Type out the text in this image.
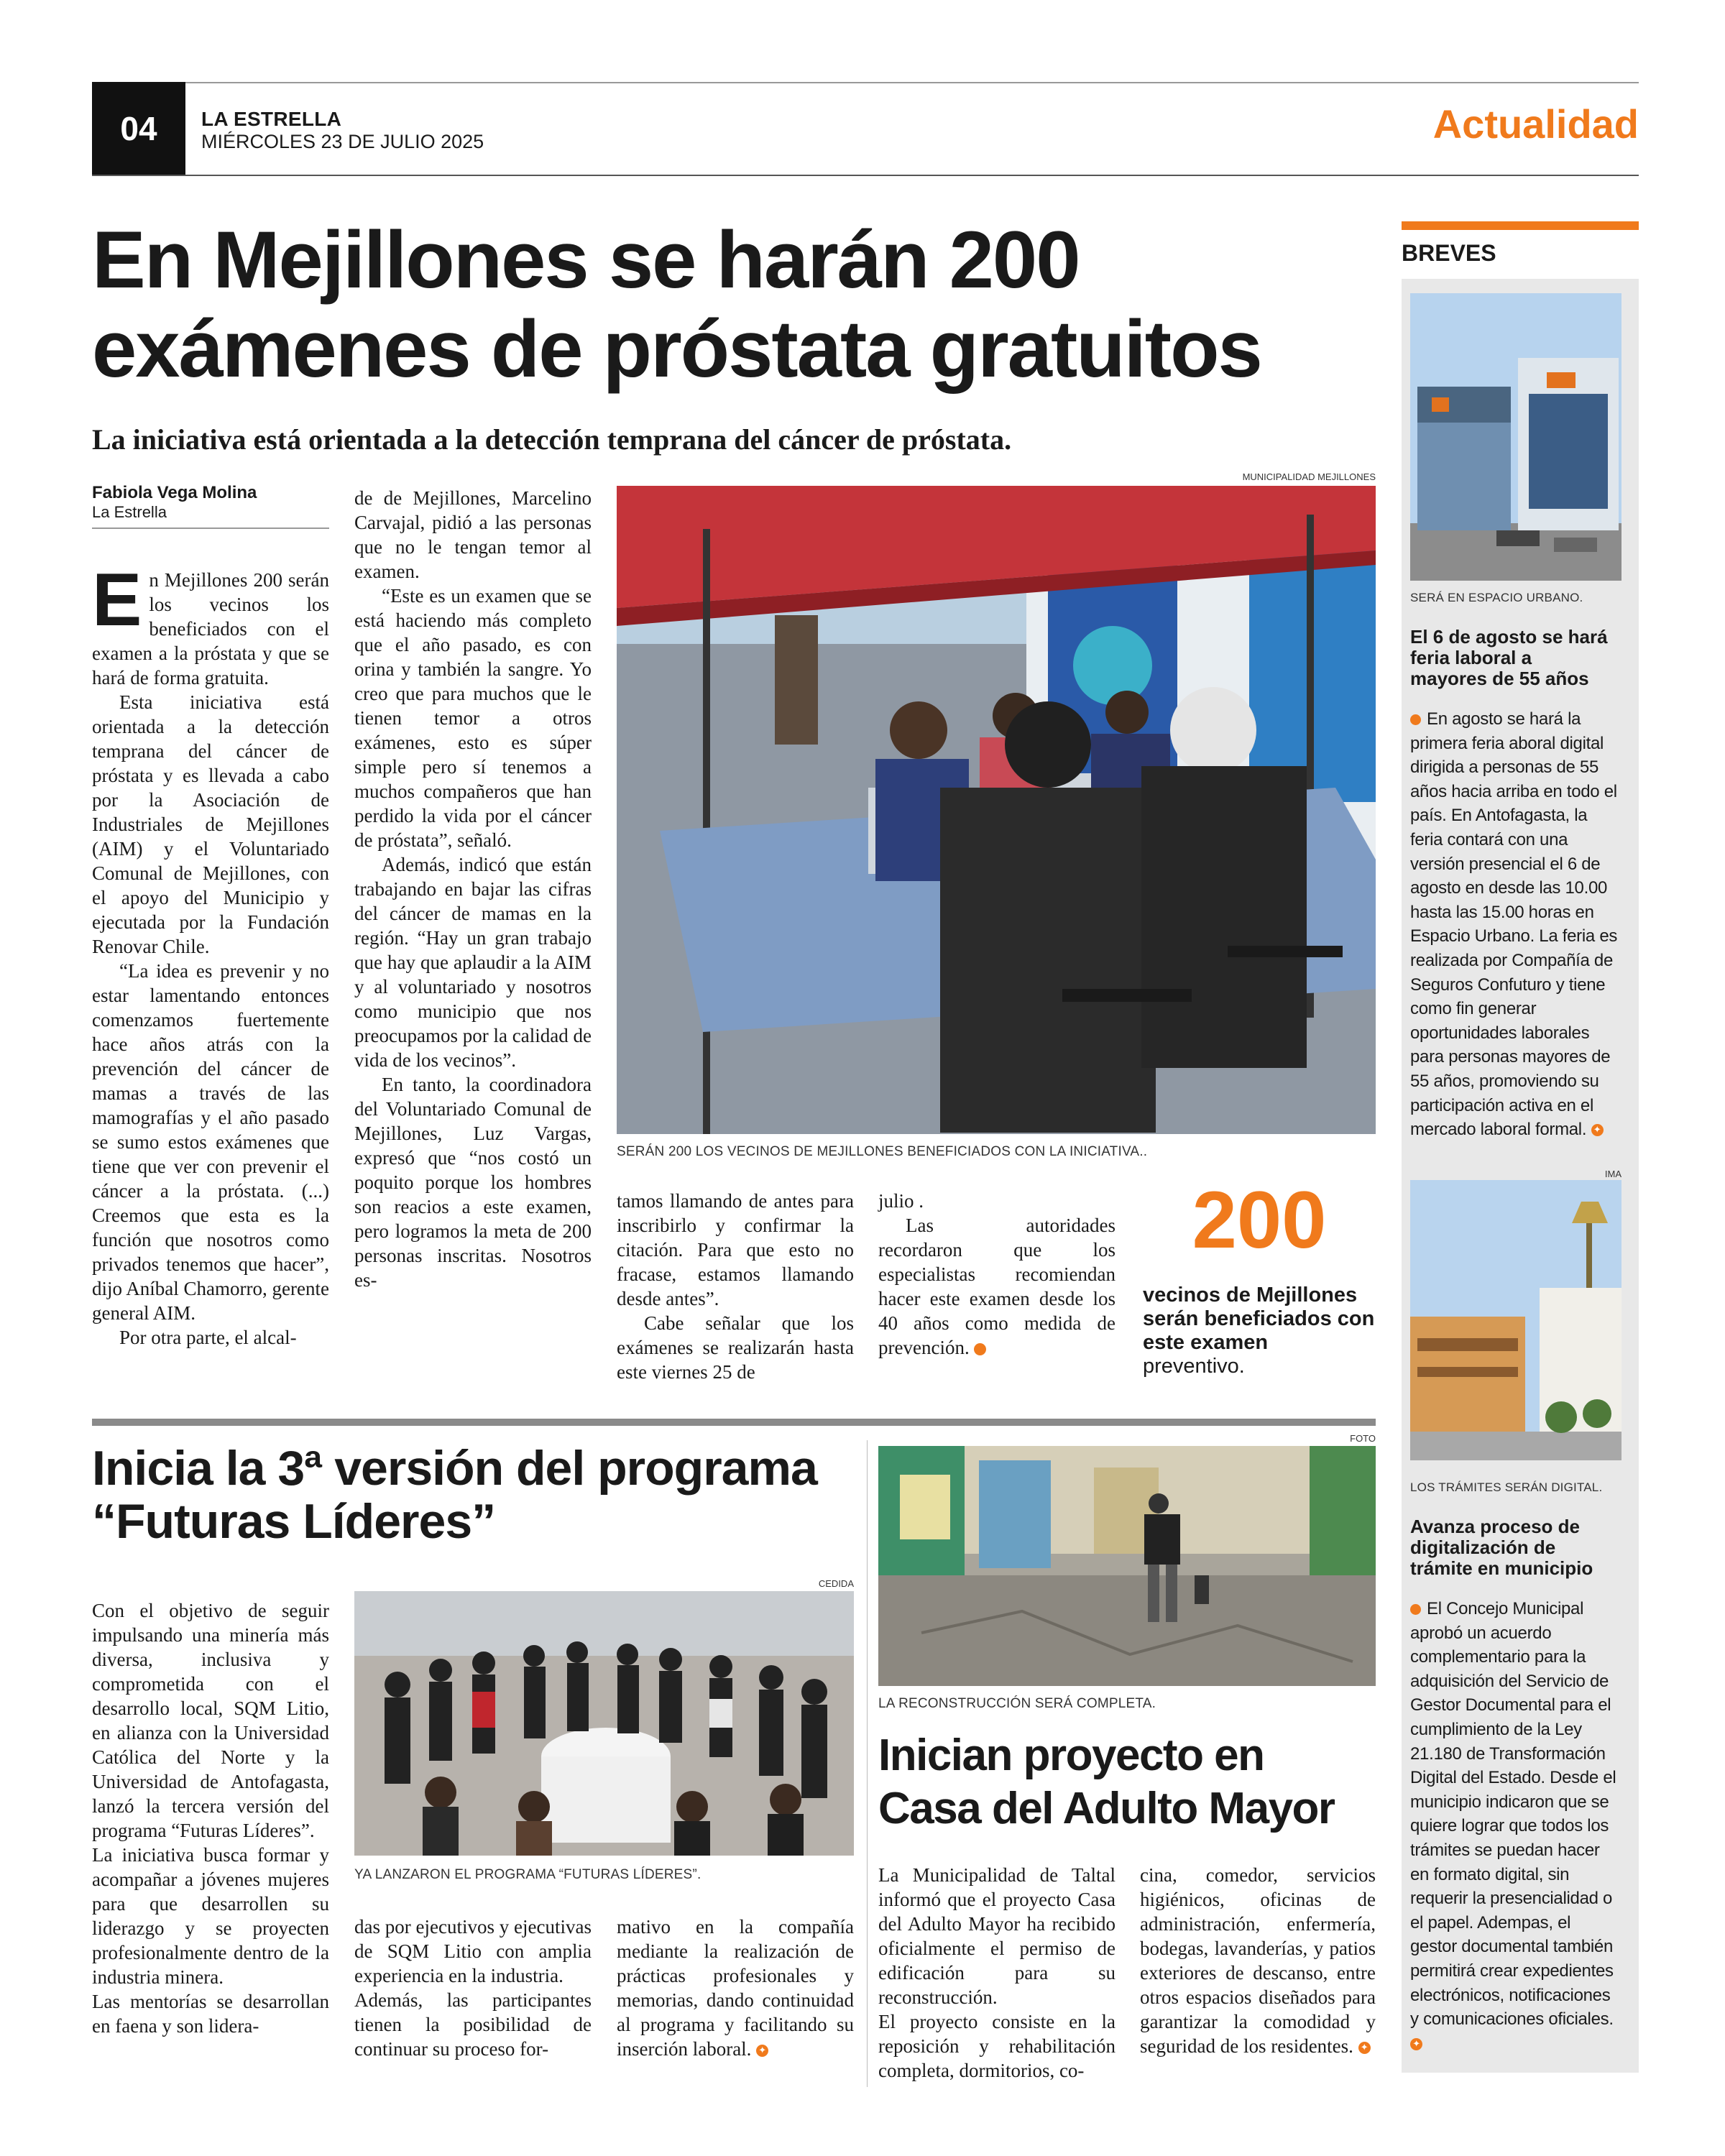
04 LA ESTRELLA
MIÉRCOLES 23 DE JULIO 2025	Actualidad
En Mejillones se harán 200
exámenes de próstata gratuitos
La iniciativa está orientada a la detección temprana del cáncer de próstata.
Fabiola Vega Molina
La Estrella
E n Mejillones 200 serán los vecinos los beneficiados con el examen a la próstata y que se hará de forma gratuita.

Esta iniciativa está orientada a la detección temprana del cáncer de próstata y es llevada a cabo por la Asociación de Industriales de Mejillones (AIM) y el Voluntariado Comunal de Mejillones, con el apoyo del Municipio y ejecutada por la Fundación Renovar Chile.

“La idea es prevenir y no estar lamentando entonces comenzamos fuertemente hace años atrás con la prevención del cáncer de mamas a través de las mamografías y el año pasado se sumo estos exámenes que tiene que ver con prevenir el cáncer a la próstata. (...) Creemos que esta es la función que nosotros como privados tenemos que hacer”, dijo Aníbal Chamorro, gerente general AIM.

Por otra parte, el alcal-

de de Mejillones, Marcelino Carvajal, pidió a las personas que no le tengan temor al examen.

“Este es un examen que se está haciendo más completo que el año pasado, es con orina y también la sangre. Yo creo que para muchos que le tienen temor a otros exámenes, esto es súper simple pero sí tenemos a muchos compañeros que han perdido la vida por el cáncer de próstata”, señaló.

Además, indicó que están trabajando en bajar las cifras del cáncer de mamas en la región. “Hay un gran trabajo que hay que aplaudir a la AIM y al voluntariado y nosotros como municipio que nos preocupamos por la calidad de vida de los vecinos”.

En tanto, la coordinadora del Voluntariado Comunal de Mejillones, Luz Vargas, expresó que “nos costó un poquito porque los hombres son reacios a este examen, pero logramos la meta de 200 personas inscritas. Nosotros es-

MUNICIPALIDAD MEJILLONES
SERÁN 200 LOS VECINOS DE MEJILLONES BENEFICIADOS CON LA INICIATIVA..

tamos llamando de antes para inscribirlo y confirmar la citación. Para que esto no fracase, estamos llamando desde antes”.

Cabe señalar que los exámenes se realizarán hasta este viernes 25 de

julio .

Las autoridades recordaron que los especialistas recomiendan hacer este examen desde los 40 años como medida de prevención.	✦

200
vecinos de Mejillones serán beneficiados con este examen preventivo.
Inicia la 3ª versión del programa
“Futuras Líderes”

Con el objetivo de seguir impulsando una minería más diversa, inclusiva y comprometida con el desarrollo local, SQM Litio, en alianza con la Universidad Católica del Norte y la Universidad de Antofagasta, lanzó la tercera versión del programa “Futuras Líderes”.

La iniciativa busca formar y acompañar a jóvenes mujeres para que desarrollen su liderazgo y se proyecten profesionalmente dentro de la industria minera.

Las mentorías se desarrollan en faena y son lidera-

CEDIDA
YA LANZARON EL PROGRAMA “FUTURAS LÍDERES”.

das por ejecutivos y ejecutivas de SQM Litio con amplia experiencia en la industria.

Además, las participantes tienen la posibilidad de continuar su proceso for-

mativo en la compañía mediante la realización de prácticas profesionales y memorias, dando continuidad al programa y facilitando su inserción laboral. ✦

FOTO
LA RECONSTRUCCIÓN SERÁ COMPLETA.
Inician proyecto en
Casa del Adulto Mayor

La Municipalidad de Taltal informó que el proyecto Casa del Adulto Mayor ha recibido oficialmente el permiso de edificación para su reconstrucción.

El proyecto consiste en la reposición y rehabilitación completa, dormitorios, co-

cina, comedor, servicios higiénicos, oficinas de administración, enfermería, bodegas, lavanderías, y patios exteriores de descanso, entre otros espacios diseñados para garantizar la comodidad y seguridad de los residentes. ✦

BREVES
SERÁ EN ESPACIO URBANO.
El 6 de agosto se hará feria laboral a mayores de 55 años
En agosto se hará la primera feria aboral digital dirigida a personas de 55 años hacia arriba en todo el país. En Antofagasta, la feria contará con una versión presencial el 6 de agosto en desde las 10.00 hasta las 15.00 horas en Espacio Urbano. La feria es realizada por Compañía de Seguros Confuturo y tiene como fin generar oportunidades laborales para personas mayores de 55 años, promoviendo su participación activa en el mercado laboral formal. ✦
IMA
LOS TRÁMITES SERÁN DIGITAL.
Avanza proceso de digitalización de trámite en municipio
El Concejo Municipal aprobó un acuerdo complementario para la adquisición del Servicio de Gestor Documental para el cumplimiento de la Ley 21.180 de Transformación Digital del Estado. Desde el municipio indicaron que se quiere lograr que todos los trámites se puedan hacer en formato digital, sin requerir la presencialidad o el papel. Adempas, el gestor documental también permitirá crear expedientes electrónicos, notificaciones y comunicaciones oficiales. ✦
